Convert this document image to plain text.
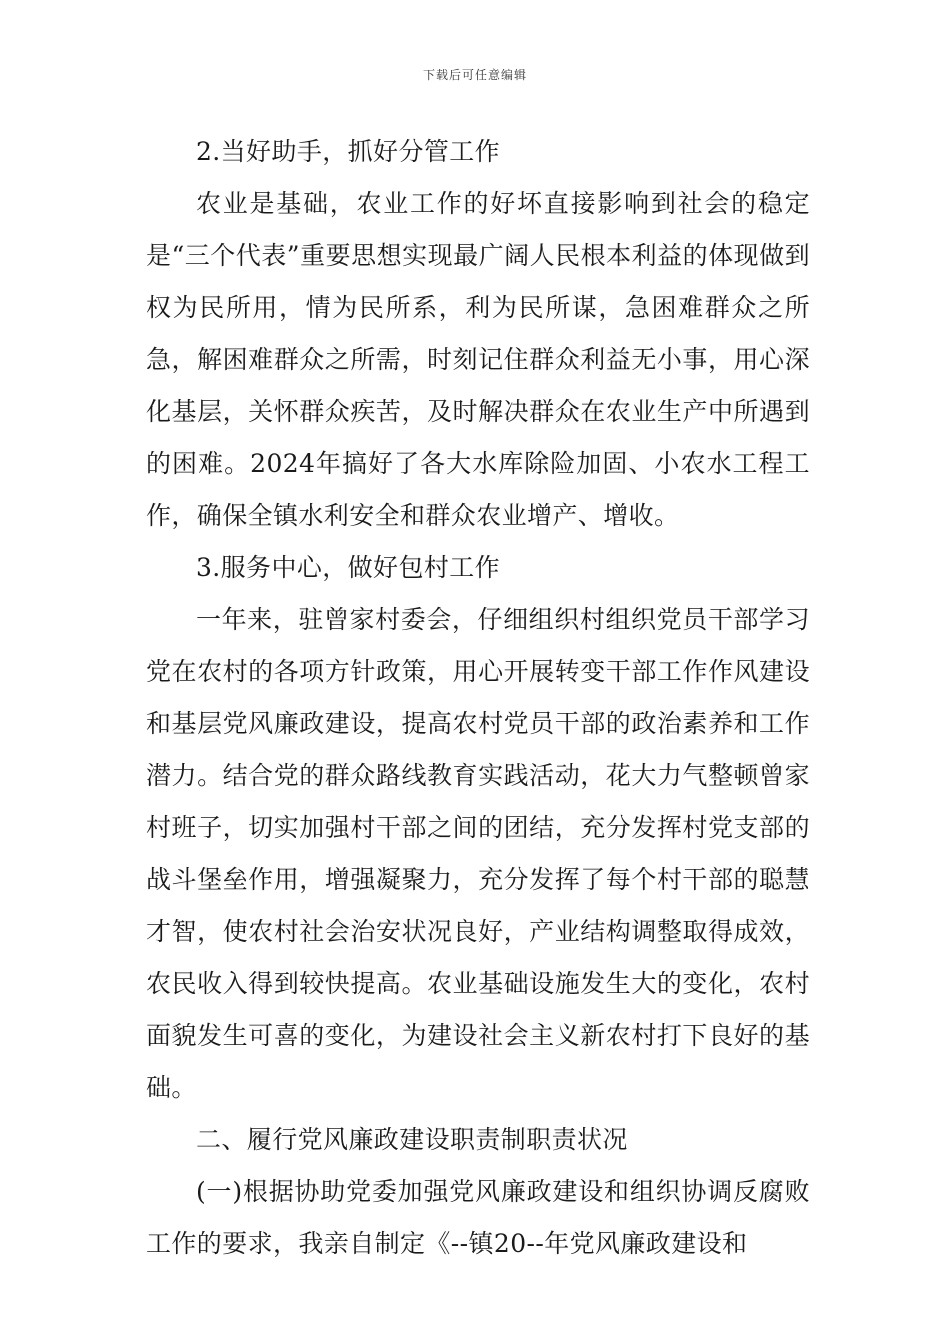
下载后可任意编辑

2.当好助手，抓好分管工作

农业是基础，农业工作的好坏直接影响到社会的稳定是“三个代表”重要思想实现最广阔人民根本利益的体现做到权为民所用，情为民所系，利为民所谋，急困难群众之所急，解困难群众之所需，时刻记住群众利益无小事，用心深化基层，关怀群众疾苦，及时解决群众在农业生产中所遇到的困难。2024年搞好了各大水库除险加固、小农水工程工作，确保全镇水利安全和群众农业增产、增收。

3.服务中心，做好包村工作

一年来，驻曾家村委会，仔细组织村组织党员干部学习党在农村的各项方针政策，用心开展转变干部工作作风建设和基层党风廉政建设，提高农村党员干部的政治素养和工作潜力。结合党的群众路线教育实践活动，花大力气整顿曾家村班子，切实加强村干部之间的团结，充分发挥村党支部的战斗堡垒作用，增强凝聚力，充分发挥了每个村干部的聪慧才智，使农村社会治安状况良好，产业结构调整取得成效，农民收入得到较快提高。农业基础设施发生大的变化，农村面貌发生可喜的变化，为建设社会主义新农村打下良好的基础。

二、履行党风廉政建设职责制职责状况

(一)根据协助党委加强党风廉政建设和组织协调反腐败工作的要求，我亲自制定《--镇20--年党风廉政建设和
